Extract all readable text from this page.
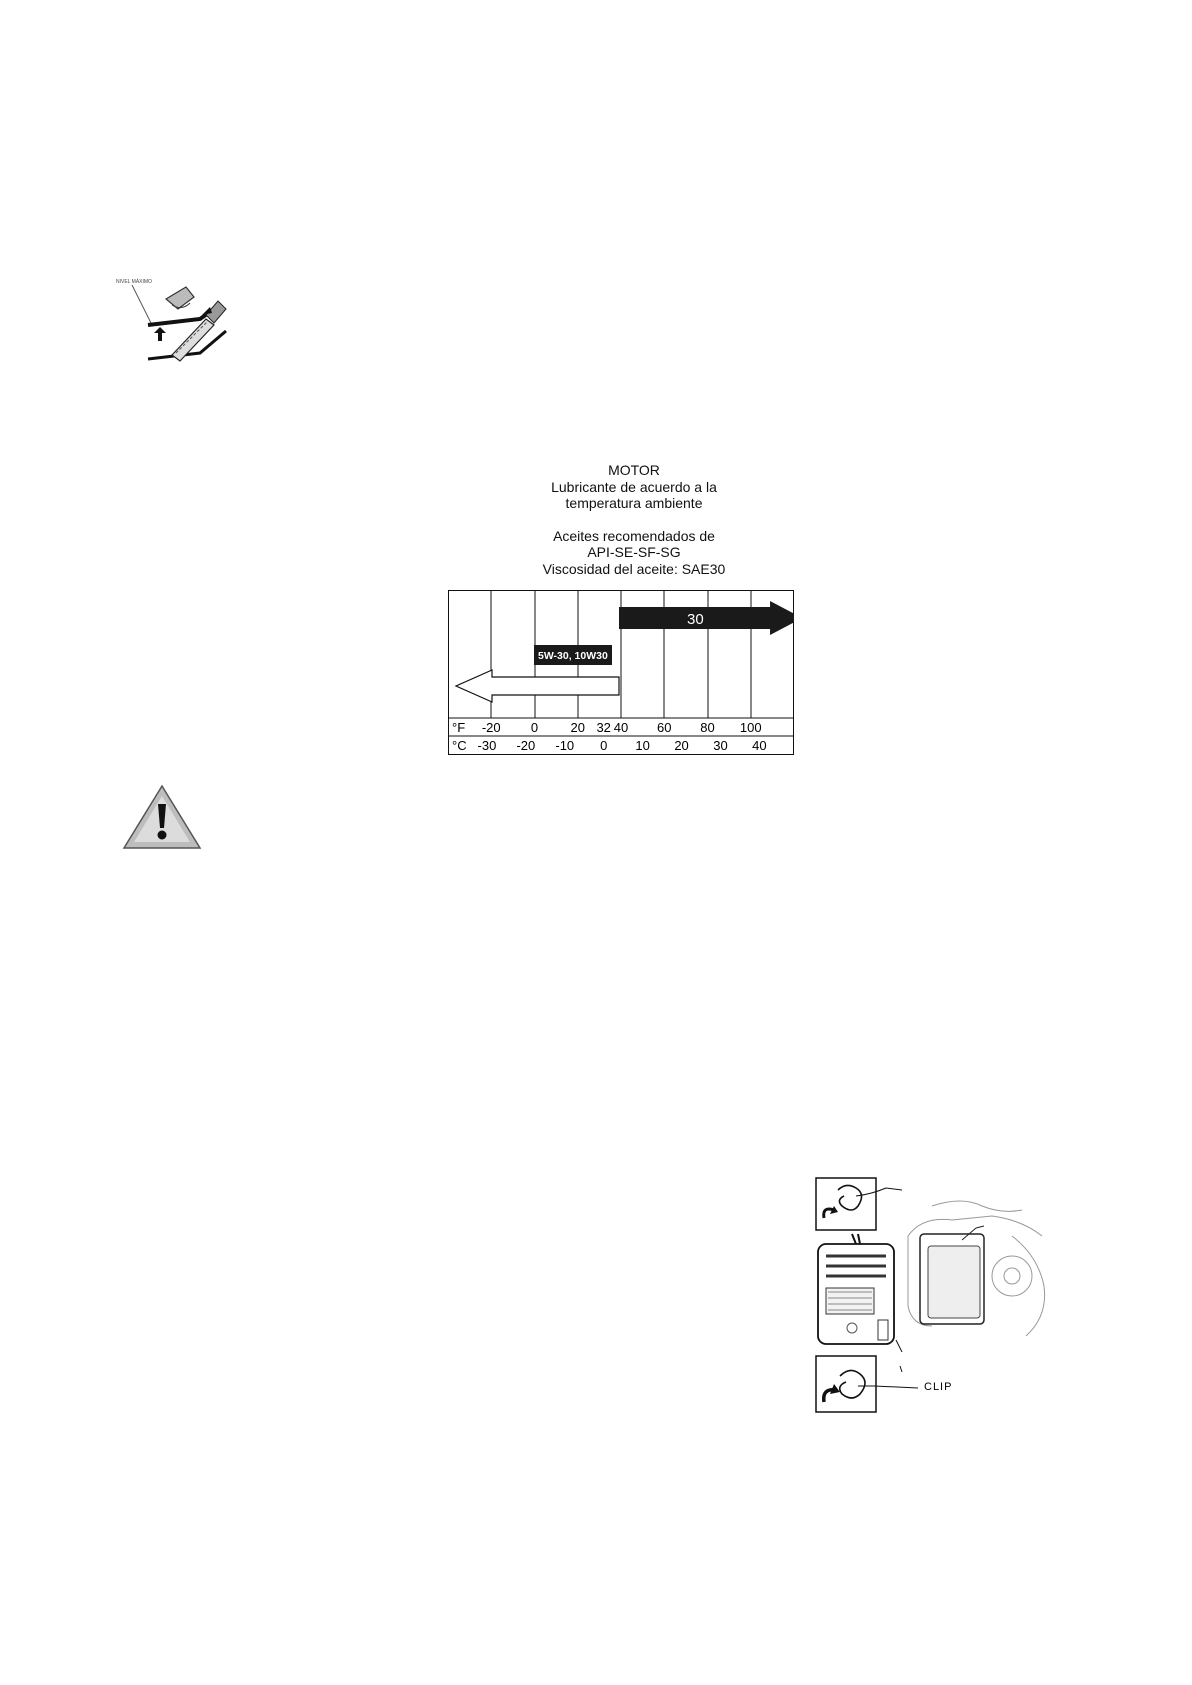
NIVEL MÁXIMO
MOTOR
Lubricante de acuerdo a la
temperatura ambiente
Aceites recomendados de
API-SE-SF-SG
Viscosidad del aceite: SAE30
30
5W-30, 10W30
°F
°C
-20 0 20 32 40 60 80 100
-30 -20 -10 0 10 20 30 40
CLIP
